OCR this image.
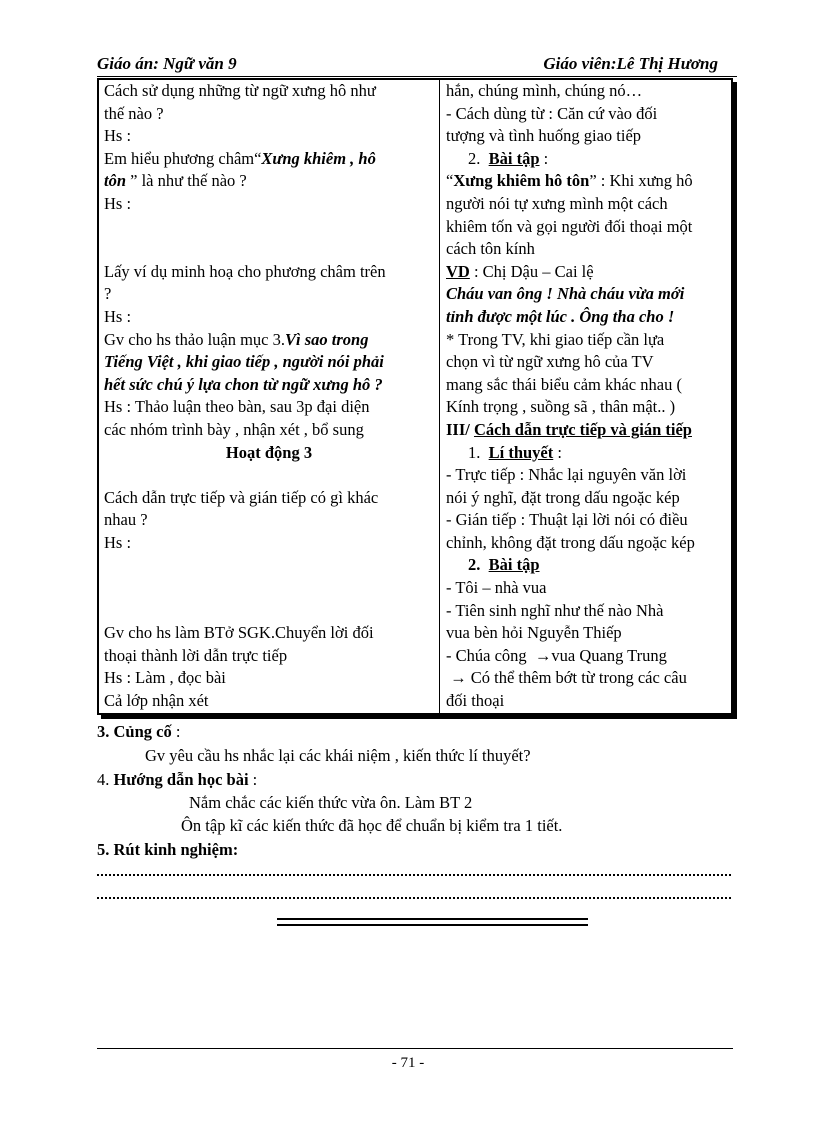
Giáo án: Ngữ văn 9	Giáo viên:Lê Thị Hương
Cách sử dụng những từ ngữ xưng hô như
thế nào ?
Hs :
Em hiểu phương châm“Xưng khiêm , hô
tôn ” là như thế nào ?
Hs :
Lấy ví dụ minh hoạ cho phương châm trên
?
Hs :
Gv cho hs thảo luận mục 3.Vì sao trong
Tiếng Việt , khi giao tiếp , người nói phải
hết sức chú ý lựa chon từ ngữ xưng hô ?
Hs : Thảo luận theo bàn, sau 3p đại diện
các nhóm trình bày , nhận xét , bổ sung
Hoạt động 3
Cách dẫn trực tiếp và gián tiếp có gì khác
nhau ?
Hs :
Gv cho hs làm BTở SGK.Chuyển lời đối
thoại thành lời dẫn trực tiếp
Hs : Làm , đọc bài
Cả lớp nhận xét
hắn, chúng mình, chúng nó…
- Cách dùng từ : Căn cứ vào đối
tượng và tình huống giao tiếp
2. Bài tập :
“Xưng khiêm hô tôn” : Khi xưng hô
người nói tự xưng mình một cách
khiêm tốn và gọi người đối thoại một
cách tôn kính
VD : Chị Dậu – Cai lệ
Cháu van ông ! Nhà cháu vừa mới
tỉnh được một lúc . Ông tha cho !
* Trong TV, khi giao tiếp cần lựa
chọn vì từ ngữ xưng hô của TV
mang sắc thái biểu cảm khác nhau (
Kính trọng , suồng sã , thân mật.. )
III/ Cách dẫn trực tiếp và gián tiếp
1. Lí thuyết :
- Trực tiếp : Nhắc lại nguyên văn lời
nói ý nghĩ, đặt trong dấu ngoặc kép
- Gián tiếp : Thuật lại lời nói có điều
chỉnh, không đặt trong dấu ngoặc kép
2. Bài tập
- Tôi – nhà vua
- Tiên sinh nghĩ như thế nào Nhà
vua bèn hỏi Nguyễn Thiếp
- Chúa công →vua Quang Trung
→ Có thể thêm bớt từ trong các câu
đối thoại
3. Củng cố :
Gv yêu cầu hs nhắc lại các khái niệm , kiến thức lí thuyết?
4. Hướng dẫn học bài :
Nắm chắc các kiến thức vừa ôn. Làm BT 2
Ôn tập kĩ các kiến thức đã học để chuẩn bị kiểm tra 1 tiết.
5. Rút kinh nghiệm:
- 71 -
